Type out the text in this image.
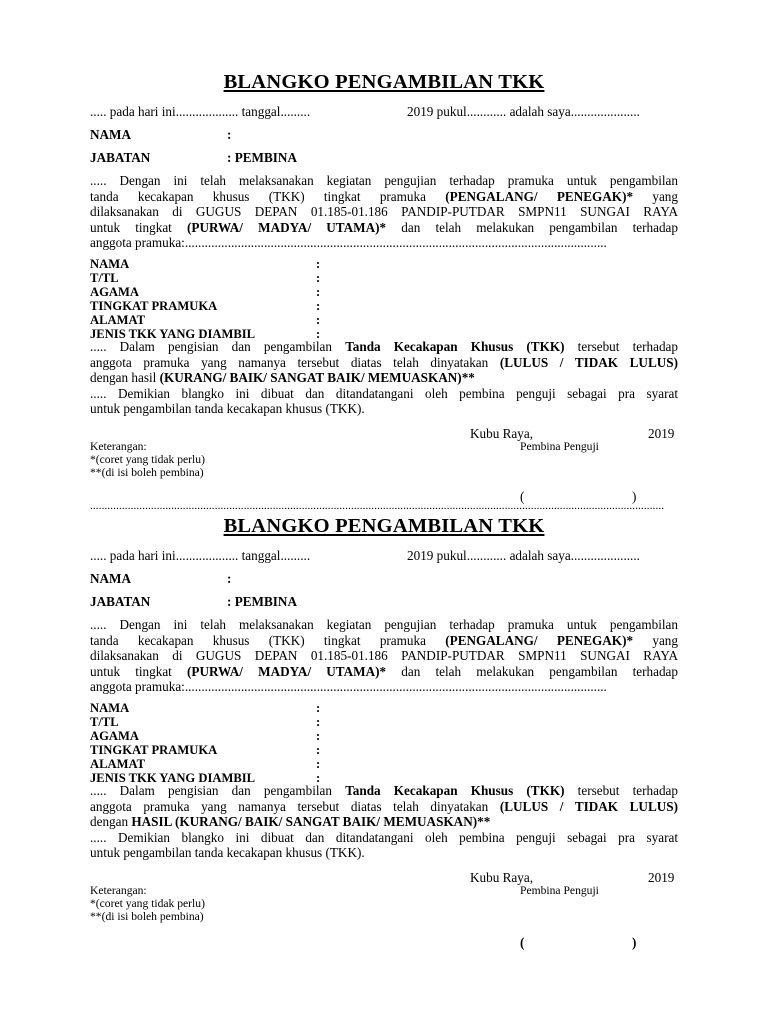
BLANGKO PENGAMBILAN TKK
..... pada hari ini................... tanggal.........	2019 pukul............ adalah saya.....................
NAMA	:
JABATAN	: PEMBINA
..... Dengan ini telah melaksanakan kegiatan pengujian terhadap pramuka untuk pengambilan
tanda kecakapan khusus (TKK) tingkat pramuka (PENGALANG/ PENEGAK)* yang
dilaksanakan di GUGUS DEPAN 01.185-01.186 PANDIP-PUTDAR SMPN11 SUNGAI RAYA
untuk tingkat (PURWA/ MADYA/ UTAMA)* dan telah melakukan pengambilan terhadap
anggota pramuka:................................................................................................................................
NAMA	:
T/TL	:
AGAMA	:
TINGKAT PRAMUKA	:
ALAMAT	:
JENIS TKK YANG DIAMBIL	:
..... Dalam pengisian dan pengambilan Tanda Kecakapan Khusus (TKK) tersebut terhadap
anggota pramuka yang namanya tersebut diatas telah dinyatakan (LULUS / TIDAK LULUS)
dengan hasil (KURANG/ BAIK/ SANGAT BAIK/ MEMUASKAN)**
..... Demikian blangko ini dibuat dan ditandatangani oleh pembina penguji sebagai pra syarat
untuk pengambilan tanda kecakapan khusus (TKK).
Kubu Raya,	2019
Pembina Penguji
Keterangan:
*(coret yang tidak perlu)
**(di isi boleh pembina)
(	)
......................................................................................................................................................................................................
BLANGKO PENGAMBILAN TKK
..... pada hari ini................... tanggal.........	2019 pukul............ adalah saya.....................
NAMA	:
JABATAN	: PEMBINA
..... Dengan ini telah melaksanakan kegiatan pengujian terhadap pramuka untuk pengambilan
tanda kecakapan khusus (TKK) tingkat pramuka (PENGALANG/ PENEGAK)* yang
dilaksanakan di GUGUS DEPAN 01.185-01.186 PANDIP-PUTDAR SMPN11 SUNGAI RAYA
untuk tingkat (PURWA/ MADYA/ UTAMA)* dan telah melakukan pengambilan terhadap
anggota pramuka:................................................................................................................................
NAMA	:
T/TL	:
AGAMA	:
TINGKAT PRAMUKA	:
ALAMAT	:
JENIS TKK YANG DIAMBIL	:
..... Dalam pengisian dan pengambilan Tanda Kecakapan Khusus (TKK) tersebut terhadap
anggota pramuka yang namanya tersebut diatas telah dinyatakan (LULUS / TIDAK LULUS)
dengan HASIL (KURANG/ BAIK/ SANGAT BAIK/ MEMUASKAN)**
..... Demikian blangko ini dibuat dan ditandatangani oleh pembina penguji sebagai pra syarat
untuk pengambilan tanda kecakapan khusus (TKK).
Kubu Raya,	2019
Pembina Penguji
Keterangan:
*(coret yang tidak perlu)
**(di isi boleh pembina)
(	)
